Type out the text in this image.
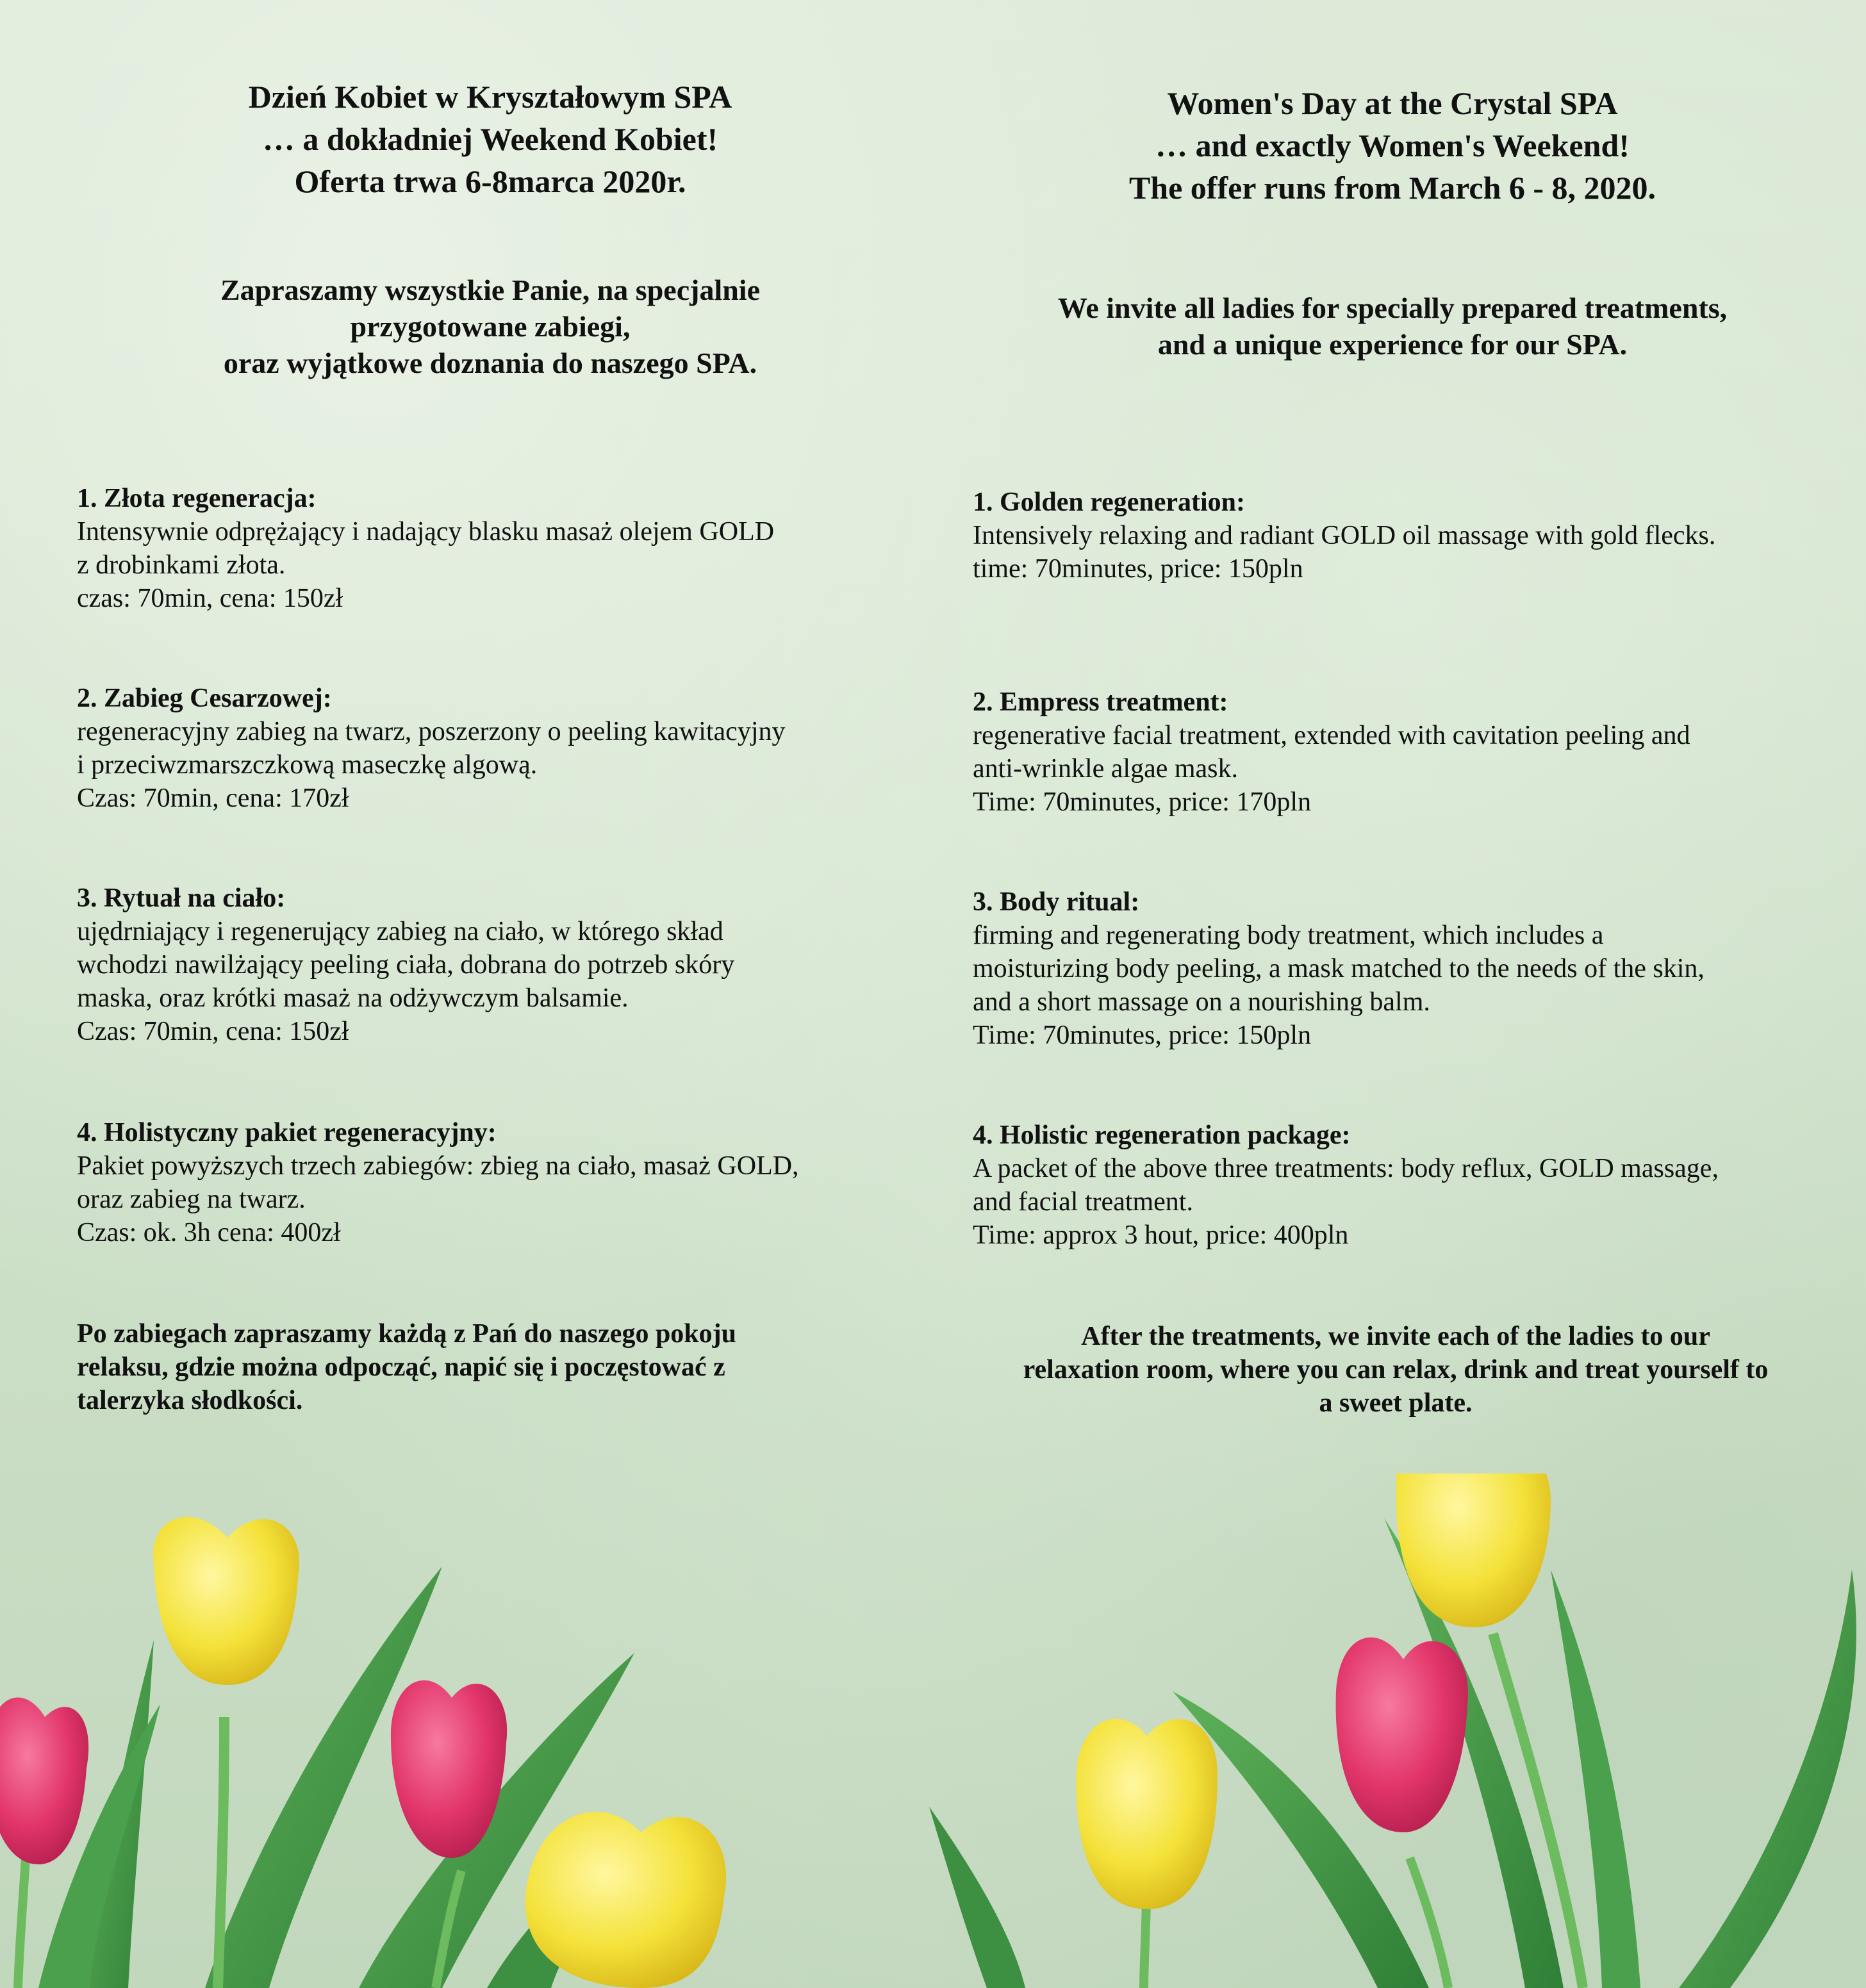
Dzień Kobiet w Kryształowym SPA
… a dokładniej Weekend Kobiet!
Oferta trwa 6-8marca 2020r.

Zapraszamy wszystkie Panie, na specjalnie
przygotowane zabiegi,
oraz wyjątkowe doznania do naszego SPA.

1. Złota regeneracja:
Intensywnie odprężający i nadający blasku masaż olejem GOLD
z drobinkami złota.
czas: 70min, cena: 150zł
2. Zabieg Cesarzowej:
regeneracyjny zabieg na twarz, poszerzony o peeling kawitacyjny
i przeciwzmarszczkową maseczkę algową.
Czas: 70min, cena: 170zł
3. Rytuał na ciało:
ujędrniający i regenerujący zabieg na ciało, w którego skład
wchodzi nawilżający peeling ciała, dobrana do potrzeb skóry
maska, oraz krótki masaż na odżywczym balsamie.
Czas: 70min, cena: 150zł
4. Holistyczny pakiet regeneracyjny:
Pakiet powyższych trzech zabiegów: zbieg na ciało, masaż GOLD,
oraz zabieg na twarz.
Czas: ok. 3h cena: 400zł

Po zabiegach zapraszamy każdą z Pań do naszego pokoju
relaksu, gdzie można odpocząć, napić się i poczęstować z
talerzyka słodkości.

Women's Day at the Crystal SPA
… and exactly Women's Weekend!
The offer runs from March 6 - 8, 2020.

We invite all ladies for specially prepared treatments,
and a unique experience for our SPA.

1. Golden regeneration:
Intensively relaxing and radiant GOLD oil massage with gold flecks.
time: 70minutes, price: 150pln
2. Empress treatment:
regenerative facial treatment, extended with cavitation peeling and
anti-wrinkle algae mask.
Time: 70minutes, price: 170pln
3. Body ritual:
firming and regenerating body treatment, which includes a
moisturizing body peeling, a mask matched to the needs of the skin,
and a short massage on a nourishing balm.
Time: 70minutes, price: 150pln
4. Holistic regeneration package:
A packet of the above three treatments: body reflux, GOLD massage,
and facial treatment.
Time: approx 3 hout, price: 400pln

After the treatments, we invite each of the ladies to our
relaxation room, where you can relax, drink and treat yourself to
a sweet plate.
